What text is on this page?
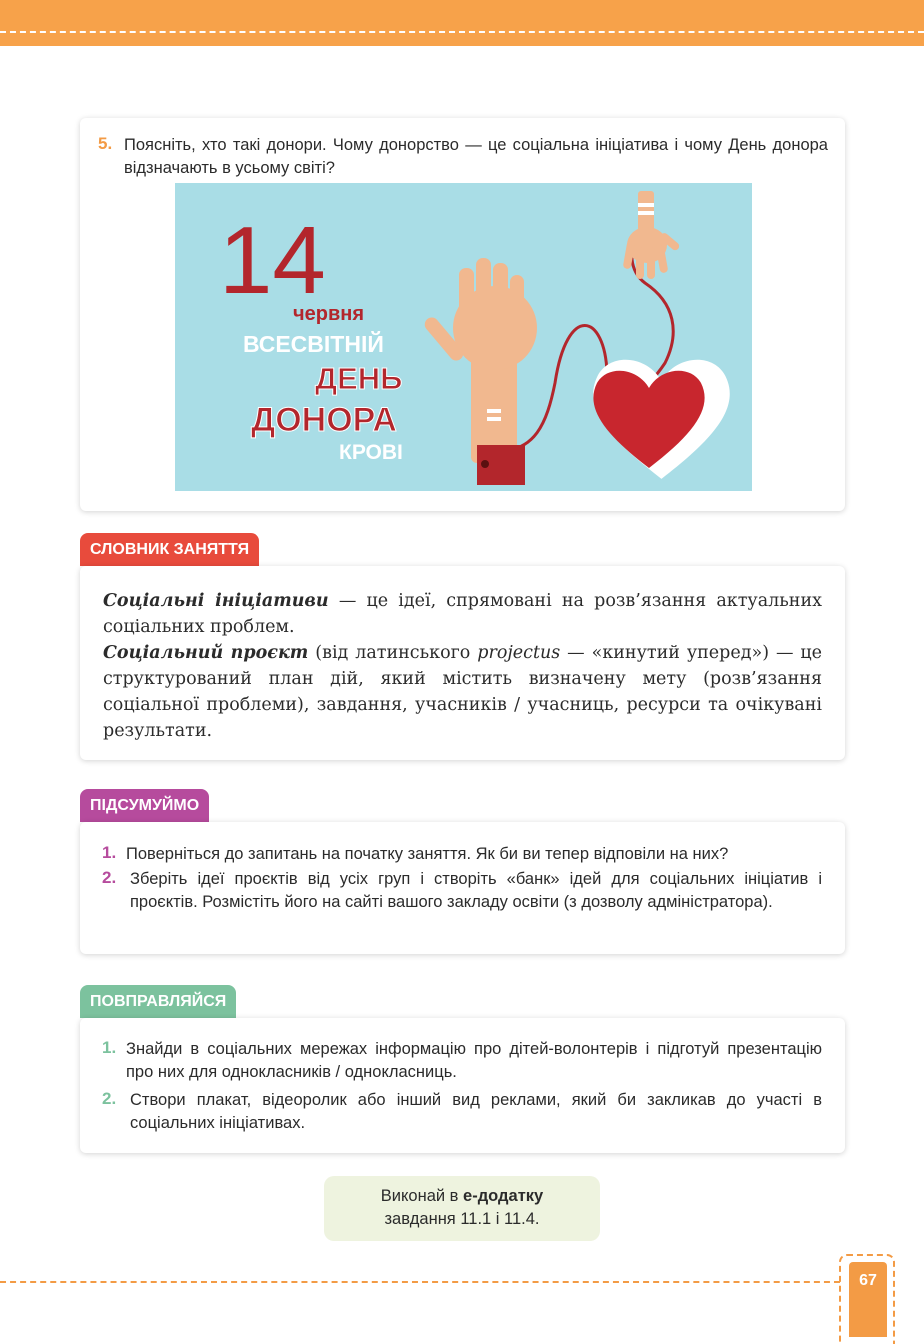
5. Поясніть, хто такі донори. Чому донорство — це соціальна ініціатива і чому День донора відзначають в усьому світі?
14
червня
ВСЕСВІТНІЙ
ДЕНЬ
ДОНОРА
КРОВІ
СЛОВНИК ЗАНЯТТЯ
Соціальні ініціативи — це ідеї, спрямовані на розв’язання актуальних соціальних проблем.
Соціальний проєкт (від латинського projectus — «кинутий уперед») — це структурований план дій, який містить визначену мету (розв’язання соціальної проблеми), завдання, учасників / учасниць, ресурси та очікувані результати.
ПІДСУМУЙМО
1. Поверніться до запитань на початку заняття. Як би ви тепер відповіли на них?
2. Зберіть ідеї проєктів від усіх груп і створіть «банк» ідей для соціальних ініціатив і проєктів. Розмістіть його на сайті вашого закладу освіти (з дозволу адміністратора).
ПОВПРАВЛЯЙСЯ
1. Знайди в соціальних мережах інформацію про дітей-волонтерів і підготуй презентацію про них для однокласників / однокласниць.
2. Створи плакат, відеоролик або інший вид реклами, який би закликав до участі в соціальних ініціативах.
Виконай в е-додатку
завдання 11.1 і 11.4.
67
